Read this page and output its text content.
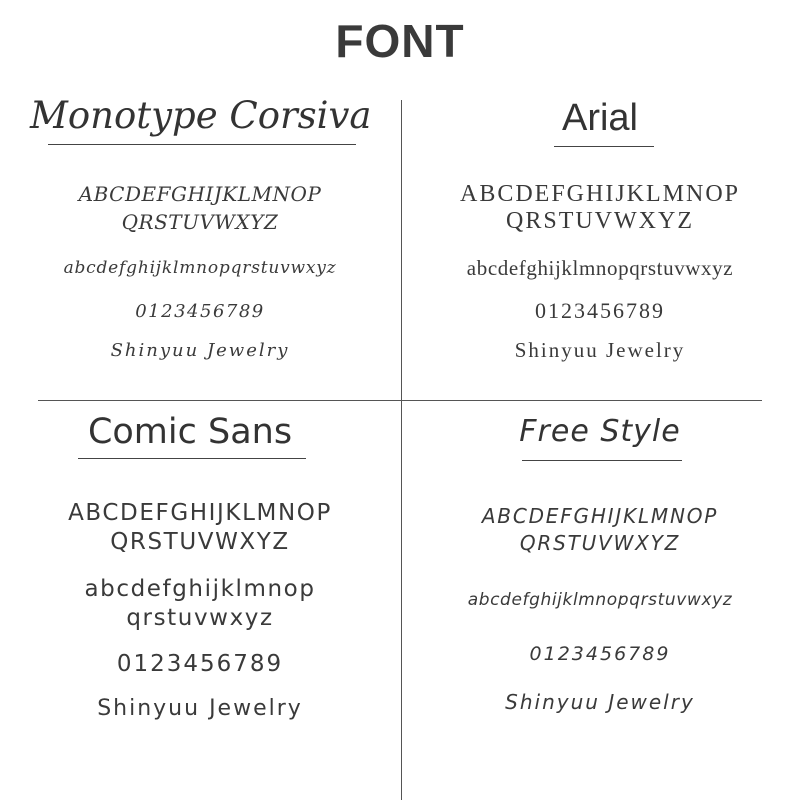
FONT
Monotype Corsiva
ABCDEFGHIJKLMNOP
QRSTUVWXYZ
abcdefghijklmnopqrstuvwxyz
0123456789
Shinyuu Jewelry
Arial
ABCDEFGHIJKLMNOP
QRSTUVWXYZ
abcdefghijklmnopqrstuvwxyz
0123456789
Shinyuu Jewelry
Comic Sans
ABCDEFGHIJKLMNOP
QRSTUVWXYZ
abcdefghijklmnop
qrstuvwxyz
0123456789
Shinyuu Jewelry
Free Style
ABCDEFGHIJKLMNOP
QRSTUVWXYZ
abcdefghijklmnopqrstuvwxyz
0123456789
Shinyuu Jewelry
